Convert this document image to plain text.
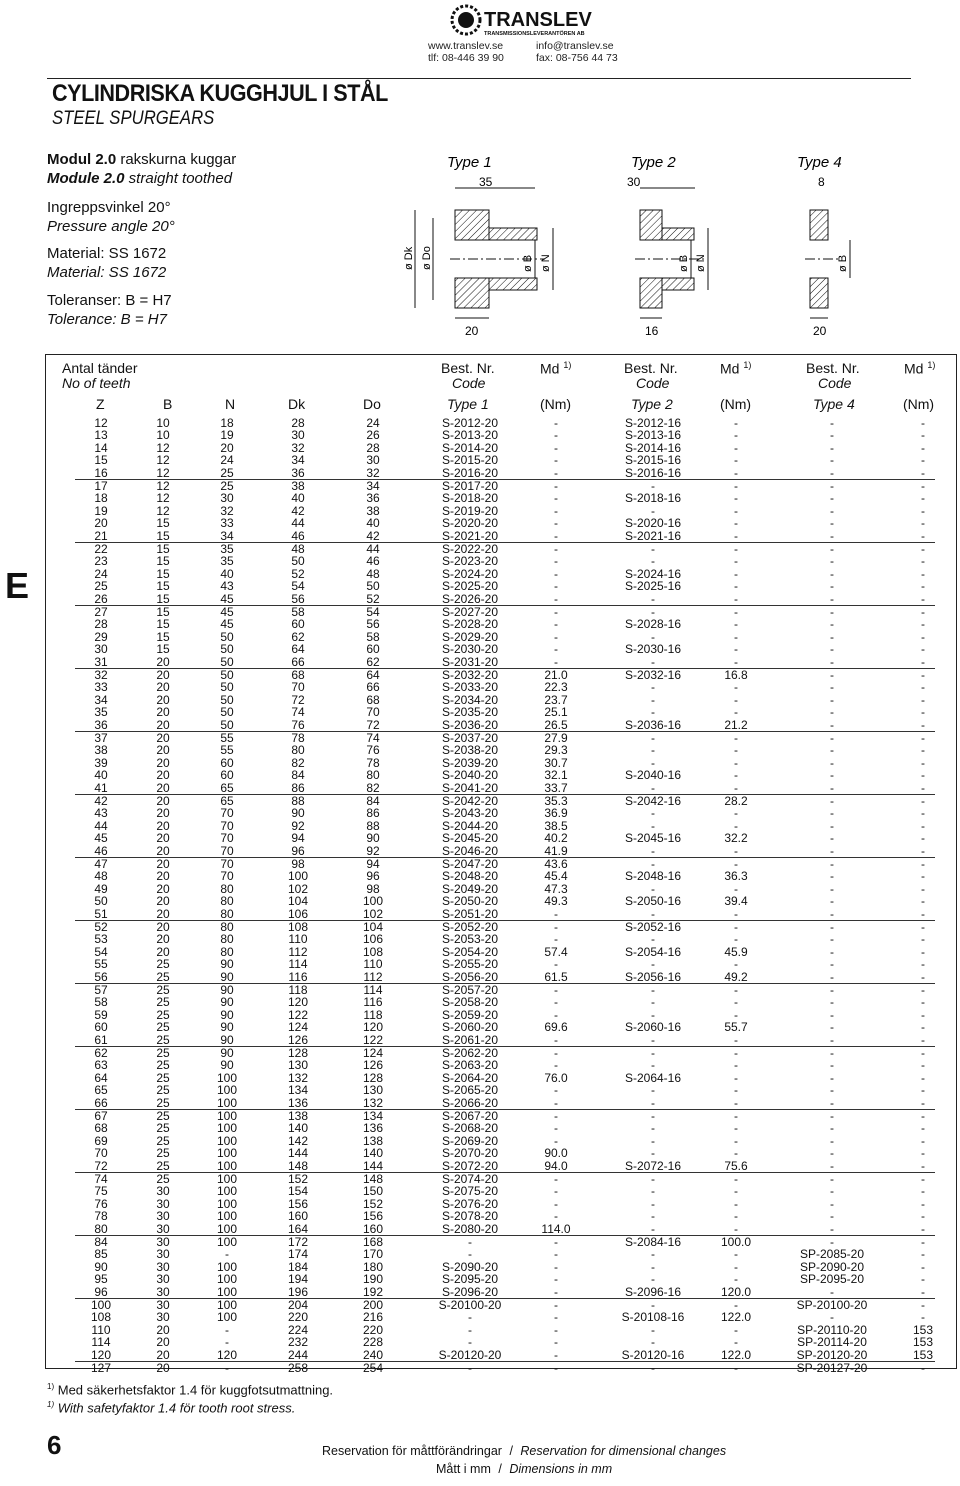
TRANSLEV
TRANSMISSIONSLEVERANTÖREN AB
www.translev.se
tlf: 08-446 39 90
info@translev.se
fax: 08-756 44 73
CYLINDRISKA KUGGHJUL I STÅL
STEEL SPURGEARS
Modul 2.0 rakskurna kuggar
Module 2.0 straight toothed
Ingreppsvinkel 20°
Pressure angle 20°
Material: SS 1672
Material: SS 1672
Toleranser: B = H7
Tolerance: B = H7
Type 1	Type 2	Type 4
35
20
ø Dk ø Do	ø B ø N
30
16
ø B ø N
8
20
ø B
E
Antal tänder
No of teeth
Best. Nr.
Code
Md $^{1)}$	Best. Nr.
Code
Md $^{1)}$	Best. Nr.
Code
Md $^{1)}$
Z	B	N	Dk	Do	Type 1	(Nm)	Type 2	(Nm)	Type 4	(Nm)
12	10	18	28	24	S-2012-20	-	S-2012-16	-	-	-
13	10	19	30	26	S-2013-20	-	S-2013-16	-	-	-
14	12	20	32	28	S-2014-20	-	S-2014-16	-	-	-
15	12	24	34	30	S-2015-20	-	S-2015-16	-	-	-
16	12	25	36	32	S-2016-20	-	S-2016-16	-	-	-
17	12	25	38	34	S-2017-20	-	-	-	-	-
18	12	30	40	36	S-2018-20	-	S-2018-16	-	-	-
19	12	32	42	38	S-2019-20	-	-	-	-	-
20	15	33	44	40	S-2020-20	-	S-2020-16	-	-	-
21	15	34	46	42	S-2021-20	-	S-2021-16	-	-	-
22	15	35	48	44	S-2022-20	-	-	-	-	-
23	15	35	50	46	S-2023-20	-	-	-	-	-
24	15	40	52	48	S-2024-20	-	S-2024-16	-	-	-
25	15	43	54	50	S-2025-20	-	S-2025-16	-	-	-
26	15	45	56	52	S-2026-20	-	-	-	-	-
27	15	45	58	54	S-2027-20	-	-	-	-	-
28	15	45	60	56	S-2028-20	-	S-2028-16	-	-	-
29	15	50	62	58	S-2029-20	-	-	-	-	-
30	15	50	64	60	S-2030-20	-	S-2030-16	-	-	-
31	20	50	66	62	S-2031-20	-	-	-	-	-
32	20	50	68	64	S-2032-20	21.0	S-2032-16	16.8	-	-
33	20	50	70	66	S-2033-20	22.3	-	-	-	-
34	20	50	72	68	S-2034-20	23.7	-	-	-	-
35	20	50	74	70	S-2035-20	25.1	-	-	-	-
36	20	50	76	72	S-2036-20	26.5	S-2036-16	21.2	-	-
37	20	55	78	74	S-2037-20	27.9	-	-	-	-
38	20	55	80	76	S-2038-20	29.3	-	-	-	-
39	20	60	82	78	S-2039-20	30.7	-	-	-	-
40	20	60	84	80	S-2040-20	32.1	S-2040-16	-	-	-
41	20	65	86	82	S-2041-20	33.7	-	-	-	-
42	20	65	88	84	S-2042-20	35.3	S-2042-16	28.2	-	-
43	20	70	90	86	S-2043-20	36.9	-	-	-	-
44	20	70	92	88	S-2044-20	38.5	-	-	-	-
45	20	70	94	90	S-2045-20	40.2	S-2045-16	32.2	-	-
46	20	70	96	92	S-2046-20	41.9	-	-	-	-
47	20	70	98	94	S-2047-20	43.6	-	-	-	-
48	20	70	100	96	S-2048-20	45.4	S-2048-16	36.3	-	-
49	20	80	102	98	S-2049-20	47.3	-	-	-	-
50	20	80	104	100	S-2050-20	49.3	S-2050-16	39.4	-	-
51	20	80	106	102	S-2051-20	-	-	-	-	-
52	20	80	108	104	S-2052-20	-	S-2052-16	-	-	-
53	20	80	110	106	S-2053-20	-	-	-	-	-
54	20	80	112	108	S-2054-20	57.4	S-2054-16	45.9	-	-
55	25	90	114	110	S-2055-20	-	-	-	-	-
56	25	90	116	112	S-2056-20	61.5	S-2056-16	49.2	-	-
57	25	90	118	114	S-2057-20	-	-	-	-	-
58	25	90	120	116	S-2058-20	-	-	-	-	-
59	25	90	122	118	S-2059-20	-	-	-	-	-
60	25	90	124	120	S-2060-20	69.6	S-2060-16	55.7	-	-
61	25	90	126	122	S-2061-20	-	-	-	-	-
62	25	90	128	124	S-2062-20	-	-	-	-	-
63	25	90	130	126	S-2063-20	-	-	-	-	-
64	25	100	132	128	S-2064-20	76.0	S-2064-16	-	-	-
65	25	100	134	130	S-2065-20	-	-	-	-	-
66	25	100	136	132	S-2066-20	-	-	-	-	-
67	25	100	138	134	S-2067-20	-	-	-	-	-
68	25	100	140	136	S-2068-20	-	-	-	-	-
69	25	100	142	138	S-2069-20	-	-	-	-	-
70	25	100	144	140	S-2070-20	90.0	-	-	-	-
72	25	100	148	144	S-2072-20	94.0	S-2072-16	75.6	-	-
74	25	100	152	148	S-2074-20	-	-	-	-	-
75	30	100	154	150	S-2075-20	-	-	-	-	-
76	30	100	156	152	S-2076-20	-	-	-	-	-
78	30	100	160	156	S-2078-20	-	-	-	-	-
80	30	100	164	160	S-2080-20	114.0	-	-	-	-
84	30	100	172	168	-	-	S-2084-16	100.0	-	-
85	30	-	174	170	-	-	-	-	SP-2085-20	-
90	30	100	184	180	S-2090-20	-	-	-	SP-2090-20	-
95	30	100	194	190	S-2095-20	-	-	-	SP-2095-20	-
96	30	100	196	192	S-2096-20	-	S-2096-16	120.0	-	-
100	30	100	204	200	S-20100-20	-	-	-	SP-20100-20	-
108	30	100	220	216	-	-	S-20108-16	122.0	-	-
110	20	-	224	220	-	-	-	-	SP-20110-20	153
114	20	-	232	228	-	-	-	-	SP-20114-20	153
120	20	120	244	240	S-20120-20	-	S-20120-16	122.0	SP-20120-20	153
127	20	-	258	254	-	-	-	-	SP-20127-20	-
$^{1)}$ Med säkerhetsfaktor 1.4 för kuggfotsutmattning.
$^{1)}$ With safetyfaktor 1.4 för tooth root stress.
6	Reservation för måttförändringar / Reservation for dimensional changes
Mått i mm / Dimensions in mm
